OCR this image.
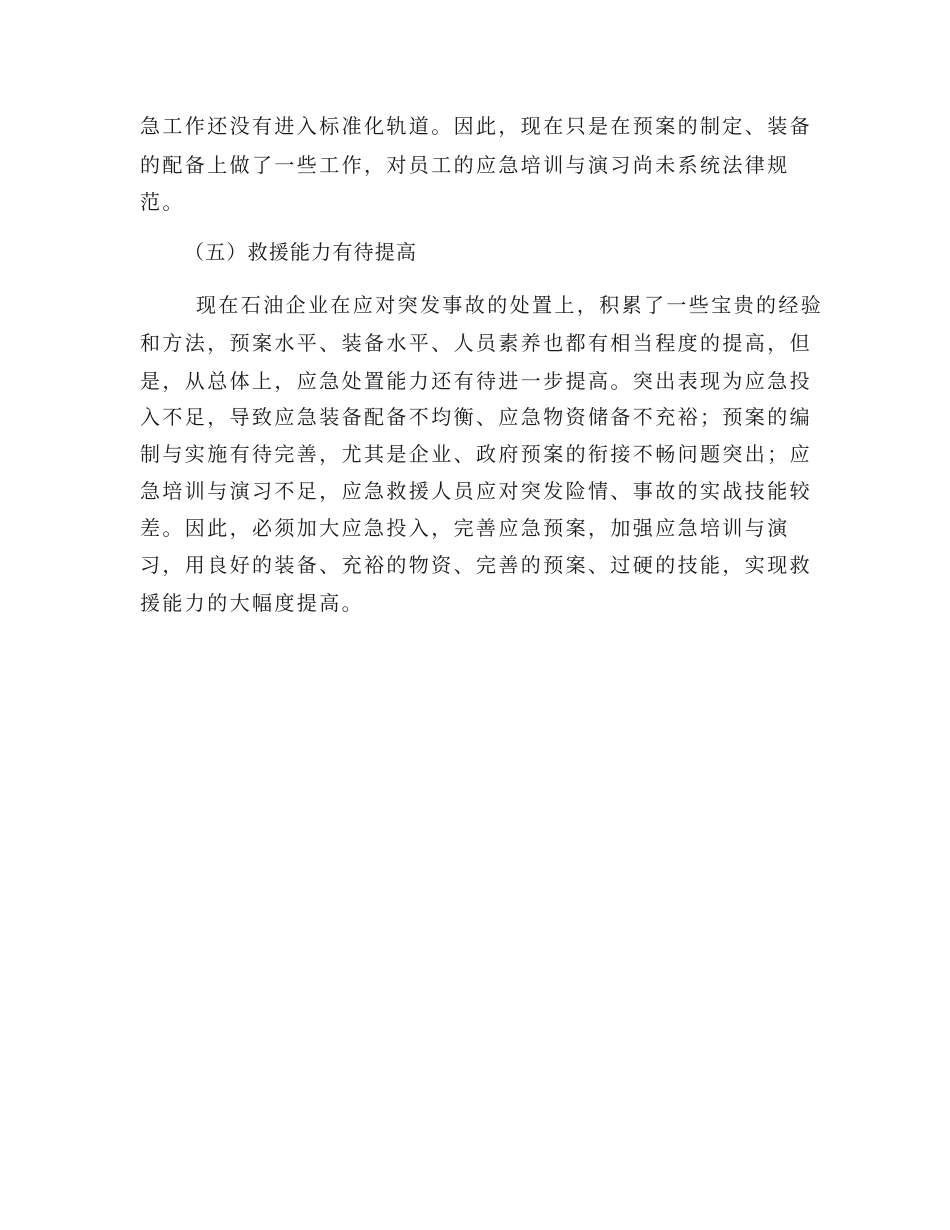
急工作还没有进入标准化轨道。因此，现在只是在预案的制定、装备
的配备上做了一些工作，对员工的应急培训与演习尚未系统法律规
范。
（五）救援能力有待提高
现在石油企业在应对突发事故的处置上，积累了一些宝贵的经验
和方法，预案水平、装备水平、人员素养也都有相当程度的提高，但
是，从总体上，应急处置能力还有待进一步提高。突出表现为应急投
入不足，导致应急装备配备不均衡、应急物资储备不充裕；预案的编
制与实施有待完善，尤其是企业、政府预案的衔接不畅问题突出；应
急培训与演习不足，应急救援人员应对突发险情、事故的实战技能较
差。因此，必须加大应急投入，完善应急预案，加强应急培训与演
习，用良好的装备、充裕的物资、完善的预案、过硬的技能，实现救
援能力的大幅度提高。
